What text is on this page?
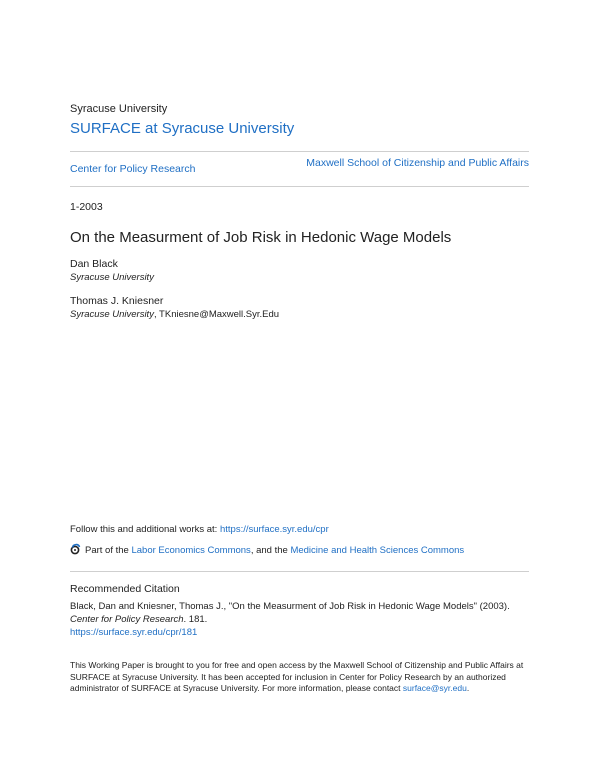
Syracuse University
SURFACE at Syracuse University
Center for Policy Research	Maxwell School of Citizenship and Public Affairs
1-2003
On the Measurment of Job Risk in Hedonic Wage Models
Dan Black
Syracuse University
Thomas J. Kniesner
Syracuse University, TKniesne@Maxwell.Syr.Edu
Follow this and additional works at: https://surface.syr.edu/cpr
Part of the Labor Economics Commons, and the Medicine and Health Sciences Commons
Recommended Citation
Black, Dan and Kniesner, Thomas J., "On the Measurment of Job Risk in Hedonic Wage Models" (2003).
Center for Policy Research. 181.
https://surface.syr.edu/cpr/181
This Working Paper is brought to you for free and open access by the Maxwell School of Citizenship and Public Affairs at SURFACE at Syracuse University. It has been accepted for inclusion in Center for Policy Research by an authorized administrator of SURFACE at Syracuse University. For more information, please contact surface@syr.edu.
